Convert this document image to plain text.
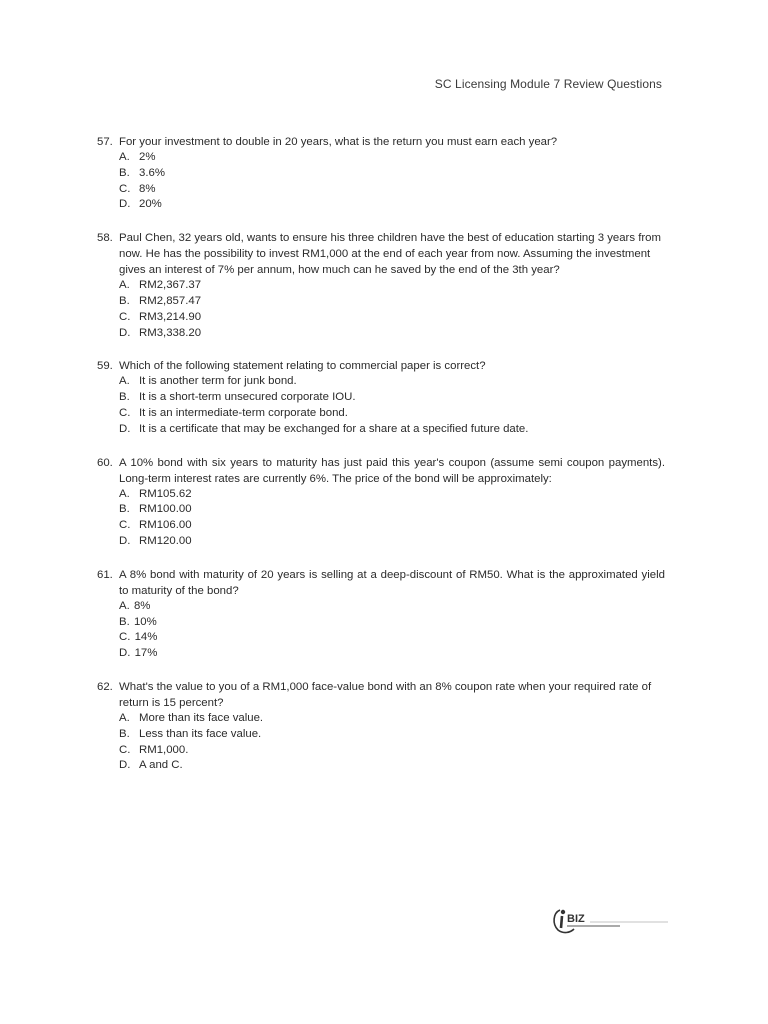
SC Licensing Module 7 Review Questions
57. For your investment to double in 20 years, what is the return you must earn each year?
A. 2%
B. 3.6%
C. 8%
D. 20%
58. Paul Chen, 32 years old, wants to ensure his three children have the best of education starting 3 years from now. He has the possibility to invest RM1,000 at the end of each year from now. Assuming the investment gives an interest of 7% per annum, how much can he saved by the end of the 3th year?
A. RM2,367.37
B. RM2,857.47
C. RM3,214.90
D. RM3,338.20
59. Which of the following statement relating to commercial paper is correct?
A. It is another term for junk bond.
B. It is a short-term unsecured corporate IOU.
C. It is an intermediate-term corporate bond.
D. It is a certificate that may be exchanged for a share at a specified future date.
60. A 10% bond with six years to maturity has just paid this year's coupon (assume semi coupon payments). Long-term interest rates are currently 6%. The price of the bond will be approximately:
A. RM105.62
B. RM100.00
C. RM106.00
D. RM120.00
61. A 8% bond with maturity of 20 years is selling at a deep-discount of RM50. What is the approximated yield to maturity of the bond?
A.
8%
B.
10%
C.
14%
D.
17%
62. What's the value to you of a RM1,000 face-value bond with an 8% coupon rate when your required rate of return is 15 percent?
A. More than its face value.
B. Less than its face value.
C. RM1,000.
D. A and C.
BIZ
